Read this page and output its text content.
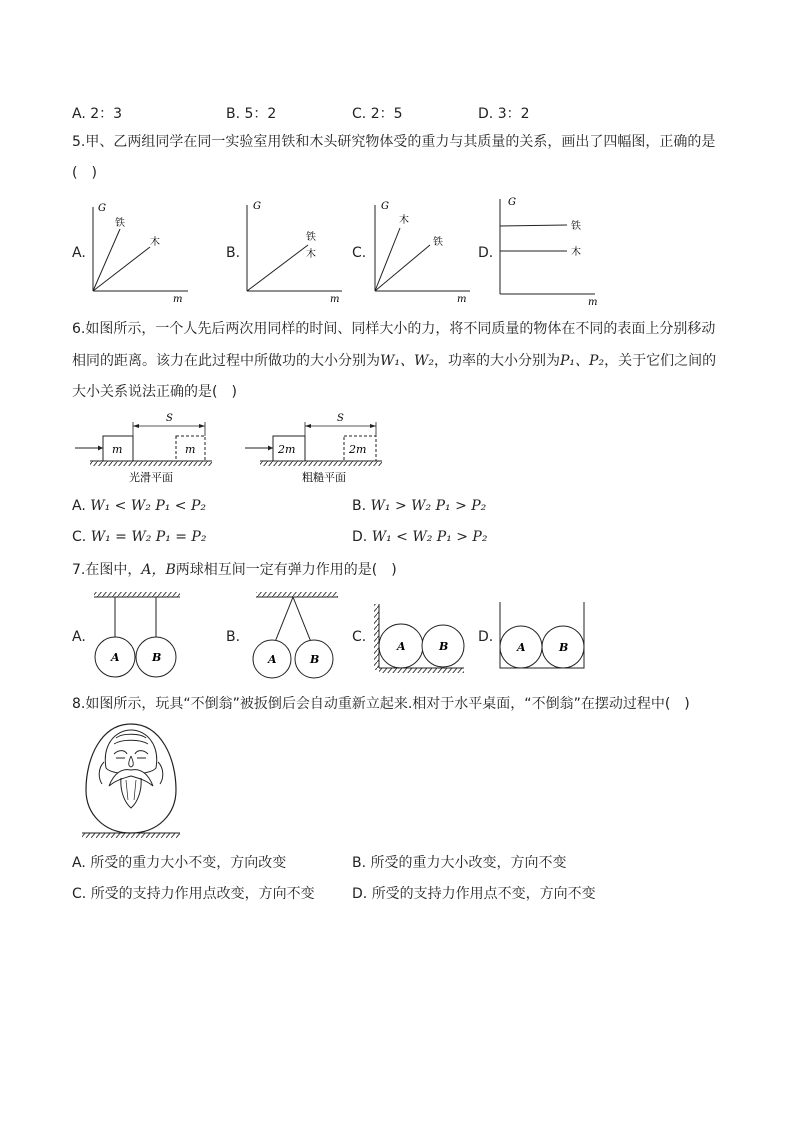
A. 2：3	B. 5：2	C. 2：5	D. 3：2
5.甲、乙两组同学在同一实验室用铁和木头研究物体受的重力与其质量的关系，画出了四幅图，正确的是
(　)
A.
G
m
铁
木
B.
G
m
铁
木	C.
G
m
木
铁
D.
G
m
铁
木
6.如图所示，一个人先后两次用同样的时间、同样大小的力，将不同质量的物体在不同的表面上分别移动
相同的距离。该力在此过程中所做功的大小分别为W₁、W₂，功率的大小分别为P₁、P₂，关于它们之间的
大小关系说法正确的是(　)
m
S
m
光滑平面
2m
S
2m
粗糙平面
A. W₁ < W₂ P₁ < P₂	B. W₁ > W₂ P₁ > P₂
C. W₁ = W₂ P₁ = P₂	D. W₁ < W₂ P₁ > P₂
7.在图中，A，B两球相互间一定有弹力作用的是(　)
A.
A	B
B.
A	B
C.
A	B
D.
A	B
8.如图所示，玩具“不倒翁”被扳倒后会自动重新立起来.相对于水平桌面，“不倒翁”在摆动过程中(　)
A. 所受的重力大小不变，方向改变	B. 所受的重力大小改变，方向不变
C. 所受的支持力作用点改变，方向不变	D. 所受的支持力作用点不变，方向不变
